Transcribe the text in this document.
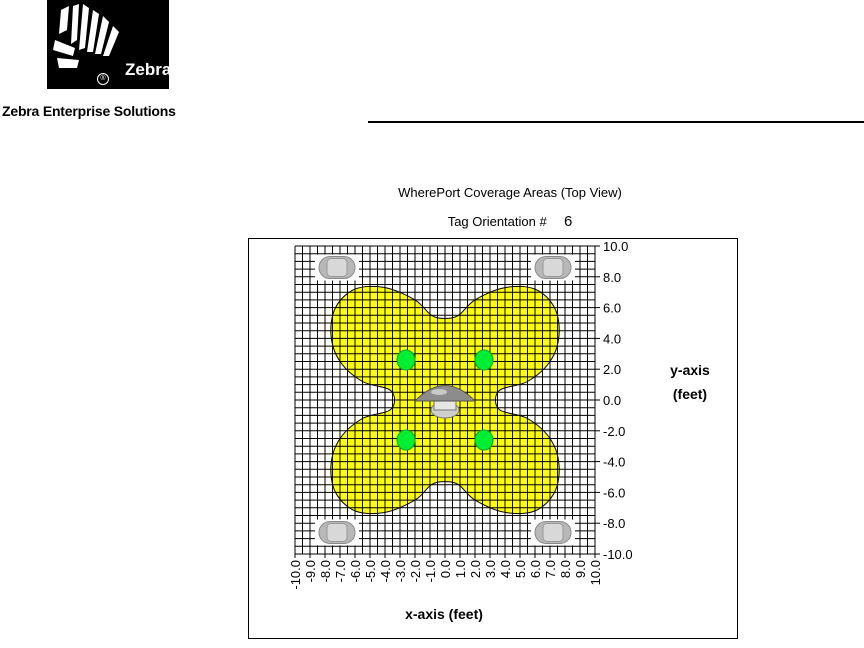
Zebra
®
Zebra Enterprise Solutions
WherePort Coverage Areas (Top View)
Tag Orientation # 6
10.0
8.0
6.0
4.0
2.0
0.0
-2.0
-4.0
-6.0
-8.0
-10.0
-10.0 -9.0 -8.0 -7.0 -6.0 -5.0 -4.0 -3.0 -2.0 -1.0 0.0 1.0 2.0 3.0 4.0 5.0 6.0 7.0 8.0 9.0 10.0
y-axis
(feet)
x-axis (feet)
